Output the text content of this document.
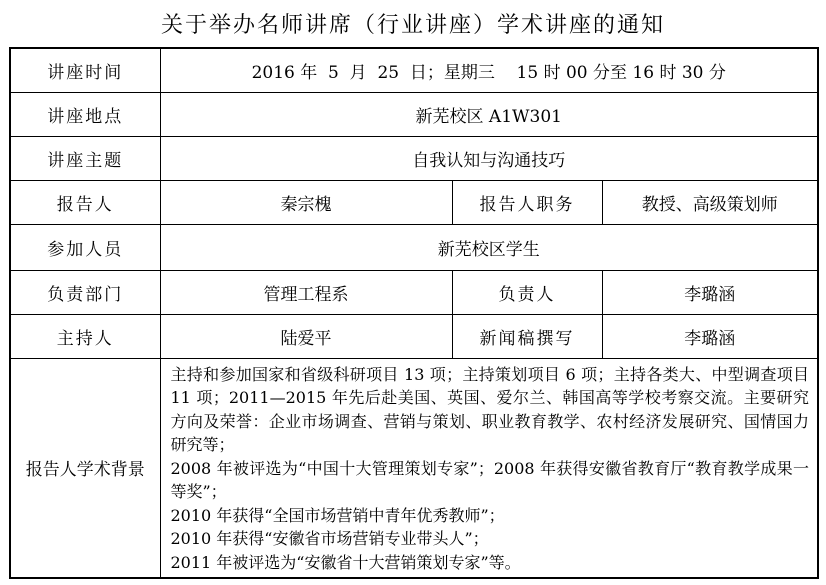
关于举办名师讲席（行业讲座）学术讲座的通知
讲座时间	2016 年  5  月  25  日；星期三    15 时 00 分至 16 时 30 分		
讲座地点	新芜校区 A1W301		
讲座主题	自我认知与沟通技巧		
报告人	秦宗槐	报告人职务	教授、高级策划师
参加人员	新芜校区学生		
负责部门	管理工程系	负责人	李璐涵
主持人	陆爱平	新闻稿撰写	李璐涵
报告人学术背景	主持和参加国家和省级科研项目 13 项；主持策划项目 6 项；主持各类大、中型调查项目 11 项；2011—2015 年先后赴美国、英国、爱尔兰、韩国高等学校考察交流。主要研究方向及荣誉：企业市场调查、营销与策划、职业教育教学、农村经济发展研究、国情国力研究等；

2008 年被评选为“中国十大管理策划专家”；2008 年获得安徽省教育厅“教育教学成果一等奖”；

2010 年获得“全国市场营销中青年优秀教师”；

2010 年获得“安徽省市场营销专业带头人”；

2011 年被评选为“安徽省十大营销策划专家”等。		
